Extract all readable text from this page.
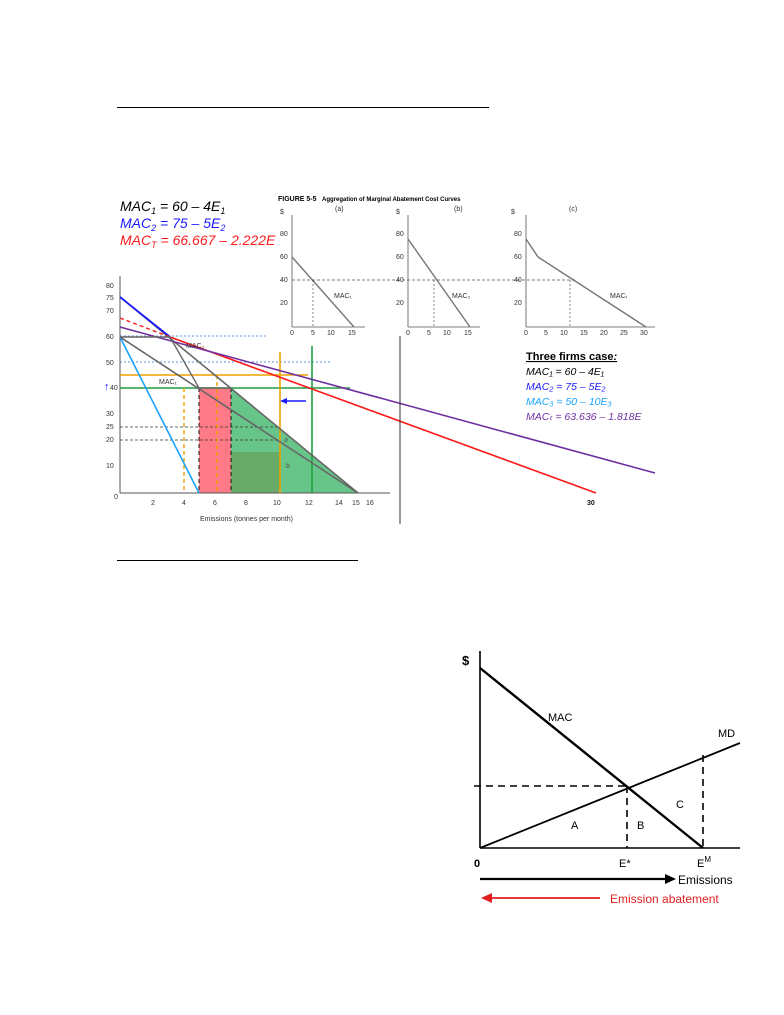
$MAC_1 = 60 - 4E_1$
$MAC_2 = 75 - 5E_2$
$MAC_T = 66.667 - 2.222E$
FIGURE 5-5 Aggregation of Marginal Abatement Cost Curves
(a)
$
80
60
40
20
0 5 10 15
MAC₁
(b)
$
80
60
40
20
0 5 10 15
MAC₂
(c)
$
80
60
40
20
0 5 10 15 20 25 30
MACₜ
80
75
70
60
50
40
30
25
20
10
0
↑
2	4	6	8	10	12	14 15 16	30
Emissions (tonnes per month)
MAC₂
MAC₁
a
b
Three firms case:
MAC₁ = 60 – 4E₁
MAC₂ = 75 – 5E₂
MAC₃ = 50 – 10E₃
MACₜ = 63.636 – 1.818E
$
MAC
MD
A	B
C
0	E*	$E^M$
Emissions
Emission abatement
